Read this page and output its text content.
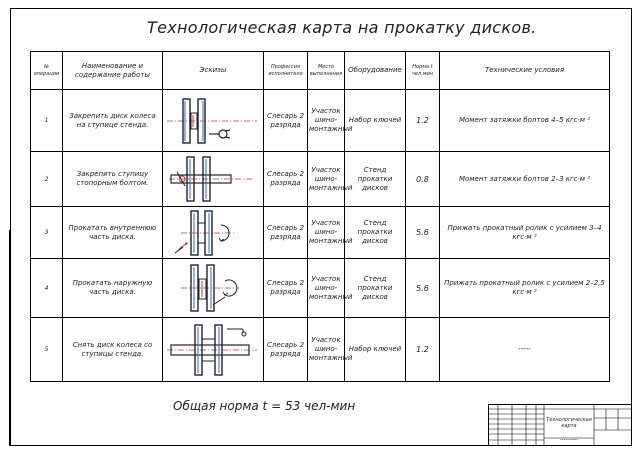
Технологическая карта на прокатку дисков.
№ операции	Наименование и содержание работы	Эскизы	Профессия исполнителя	Место выполнения	Оборудование	Норма t чел мин	Технические условия
1	Закрепить диск колеса на ступице стенда.		Слесарь 2 разряда	Участок шино-монтажный	Набор ключей	1.2	Момент затяжки болтов 4–5 кгс·м ²
2	Закрепить ступицу стопорным болтом.		Слесарь 2 разряда	Участок шино-монтажный	Стенд прокатки дисков	0.8	Момент затяжки болтов 2–3 кгс·м ²
3	Прокатать внутреннюю часть диска.		Слесарь 2 разряда	Участок шино-монтажный	Стенд прокатки дисков	5.6	Прижать прокатный ролик с усилием 3–4 кгс·м ²
4	Прокатать наружную часть диска.		Слесарь 2 разряда	Участок шино-монтажный	Стенд прокатки дисков	5.6	Прижать прокатный ролик с усилием 2–2,5 кгс·м ²
5	Снять диск колеса со ступицы стенда.		Слесарь 2 разряда	Участок шино-монтажный	Набор ключей	1.2	-----
Общая норма t = 53 чел-мин
Технологическая карта
----------
